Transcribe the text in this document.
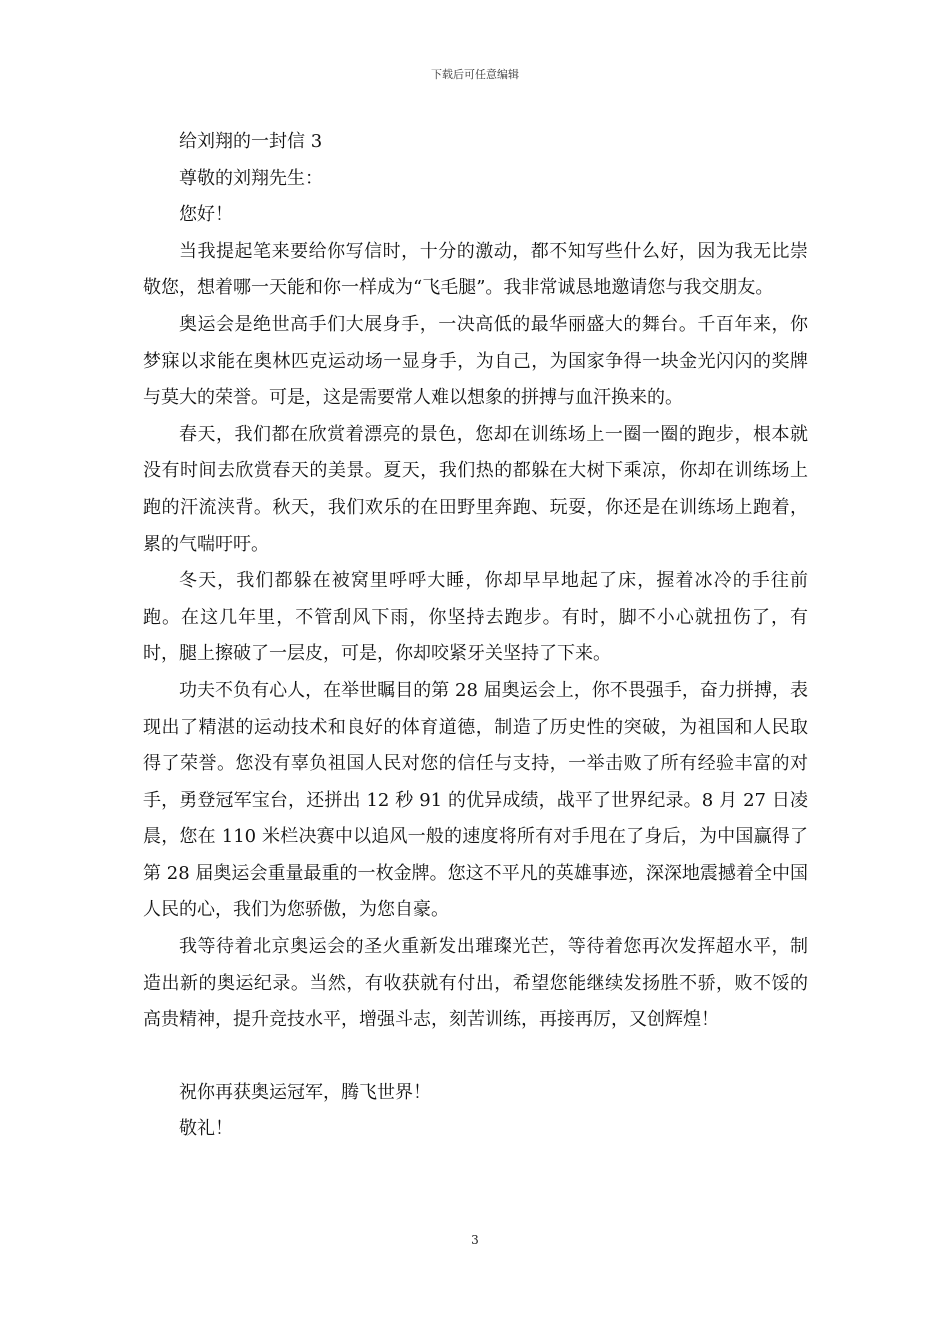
下载后可任意编辑

给刘翔的一封信 3

尊敬的刘翔先生：

您好！

当我提起笔来要给你写信时，十分的激动，都不知写些什么好，因为我无比崇敬您，想着哪一天能和你一样成为“飞毛腿”。我非常诚恳地邀请您与我交朋友。

奥运会是绝世高手们大展身手，一决高低的最华丽盛大的舞台。千百年来，你梦寐以求能在奥林匹克运动场一显身手，为自己，为国家争得一块金光闪闪的奖牌与莫大的荣誉。可是，这是需要常人难以想象的拼搏与血汗换来的。

春天，我们都在欣赏着漂亮的景色，您却在训练场上一圈一圈的跑步，根本就没有时间去欣赏春天的美景。夏天，我们热的都躲在大树下乘凉，你却在训练场上跑的汗流浃背。秋天，我们欢乐的在田野里奔跑、玩耍，你还是在训练场上跑着，累的气喘吁吁。

冬天，我们都躲在被窝里呼呼大睡，你却早早地起了床，握着冰冷的手往前跑。在这几年里，不管刮风下雨，你坚持去跑步。有时，脚不小心就扭伤了，有时，腿上擦破了一层皮，可是，你却咬紧牙关坚持了下来。

功夫不负有心人，在举世瞩目的第 28 届奥运会上，你不畏强手，奋力拼搏，表现出了精湛的运动技术和良好的体育道德，制造了历史性的突破，为祖国和人民取得了荣誉。您没有辜负祖国人民对您的信任与支持，一举击败了所有经验丰富的对手，勇登冠军宝台，还拼出 12 秒 91 的优异成绩，战平了世界纪录。8 月 27 日凌晨，您在 110 米栏决赛中以追风一般的速度将所有对手甩在了身后，为中国赢得了第 28 届奥运会重量最重的一枚金牌。您这不平凡的英雄事迹，深深地震撼着全中国人民的心，我们为您骄傲，为您自豪。

我等待着北京奥运会的圣火重新发出璀璨光芒，等待着您再次发挥超水平，制造出新的奥运纪录。当然，有收获就有付出，希望您能继续发扬胜不骄，败不馁的高贵精神，提升竞技水平，增强斗志，刻苦训练，再接再厉，又创辉煌！

祝你再获奥运冠军，腾飞世界！

敬礼！

3
